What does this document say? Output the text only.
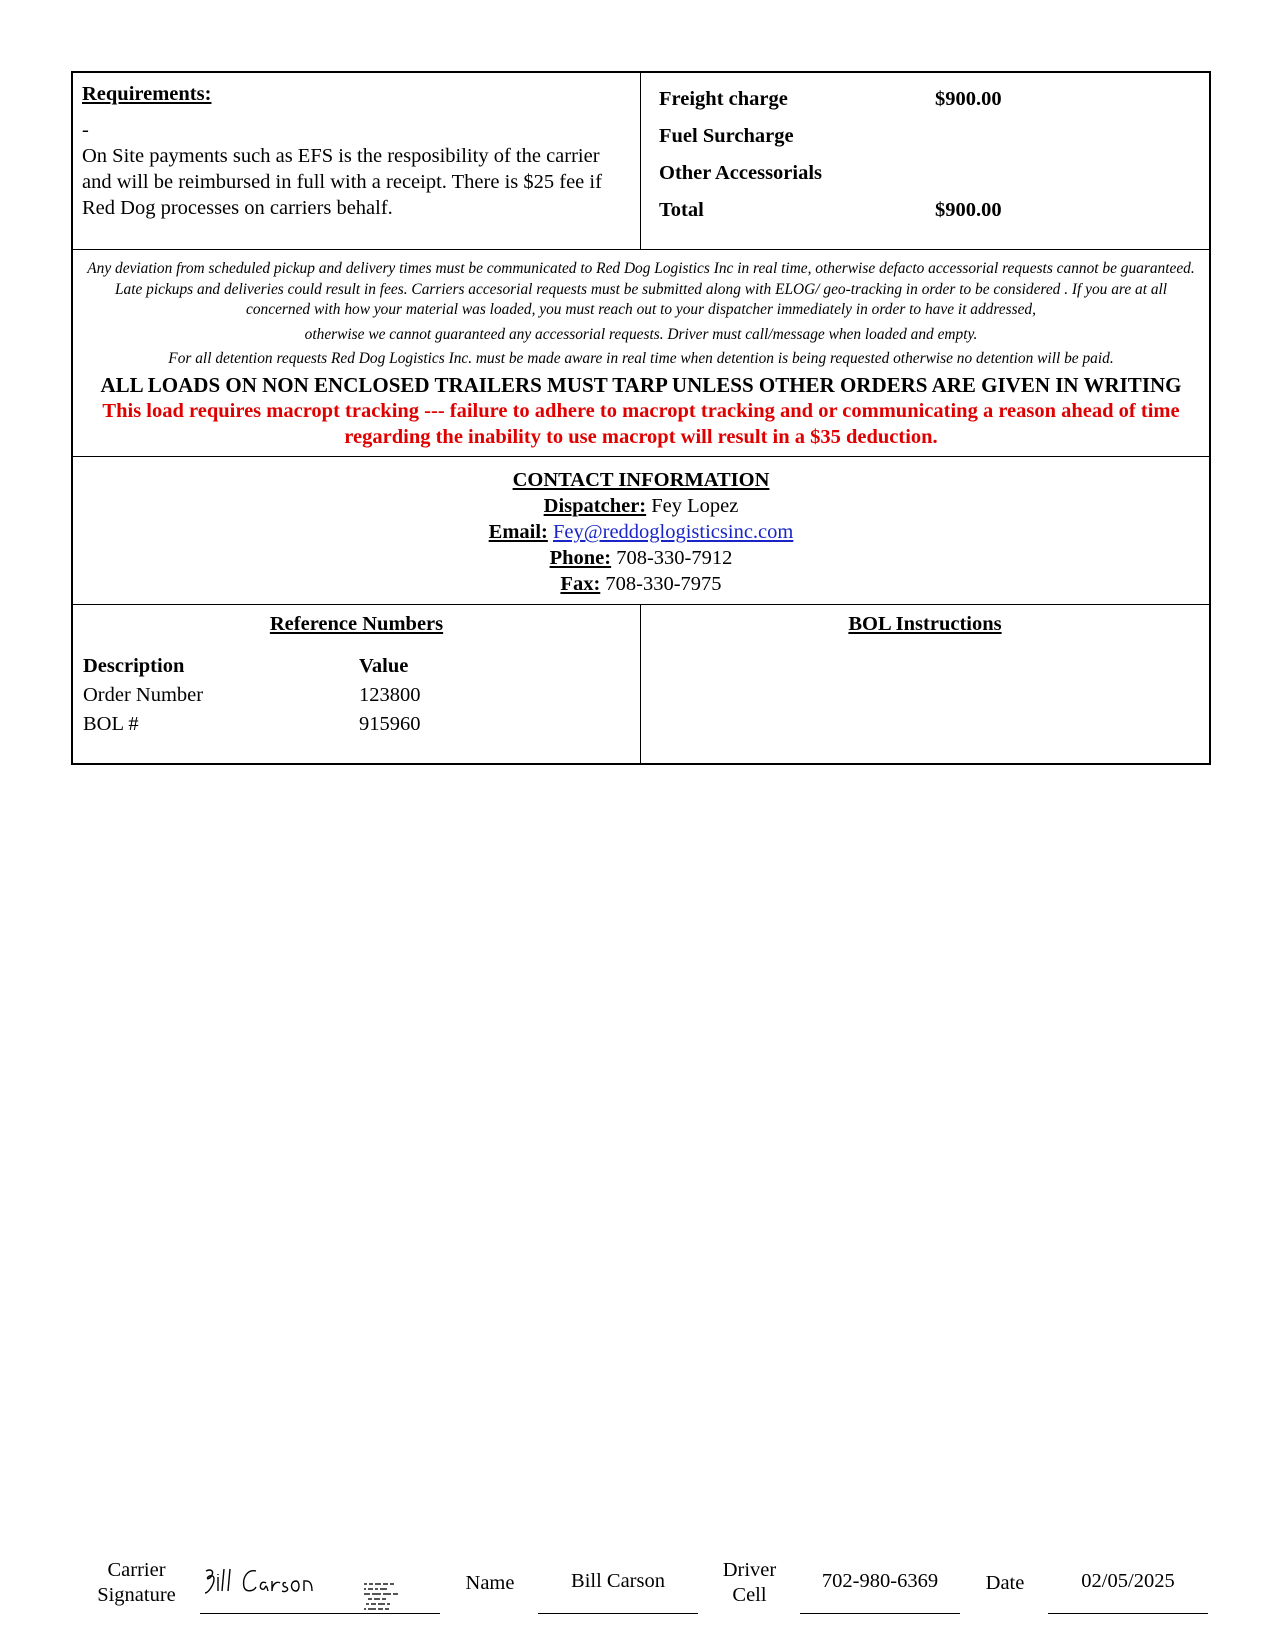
Requirements:
-
On Site payments such as EFS is the resposibility of the carrier and will be reimbursed in full with a receipt. There is $25 fee if Red Dog processes on carriers behalf.
Freight charge	$900.00
Fuel Surcharge	
Other Accessorials	
Total	$900.00
Any deviation from scheduled pickup and delivery times must be communicated to Red Dog Logistics Inc in real time, otherwise defacto accessorial requests cannot be guaranteed. Late pickups and deliveries could result in fees. Carriers accesorial requests must be submitted along with ELOG/ geo-tracking in order to be considered . If you are at all concerned with how your material was loaded, you must reach out to your dispatcher immediately in order to have it addressed,
otherwise we cannot guaranteed any accessorial requests. Driver must call/message when loaded and empty.
For all detention requests Red Dog Logistics Inc. must be made aware in real time when detention is being requested otherwise no detention will be paid.
ALL LOADS ON NON ENCLOSED TRAILERS MUST TARP UNLESS OTHER ORDERS ARE GIVEN IN WRITING
This load requires macropt tracking --- failure to adhere to macropt tracking and or communicating a reason ahead of time regarding the inability to use macropt will result in a $35 deduction.
CONTACT INFORMATION
Dispatcher: Fey Lopez
Email: Fey@reddoglogisticsinc.com
Phone: 708-330-7912
Fax: 708-330-7975
Reference Numbers
Description	Value
Order Number	123800
BOL #	915960
BOL Instructions
Carrier
Signature
Name	Bill Carson	Driver
Cell
702-980-6369	Date	02/05/2025
